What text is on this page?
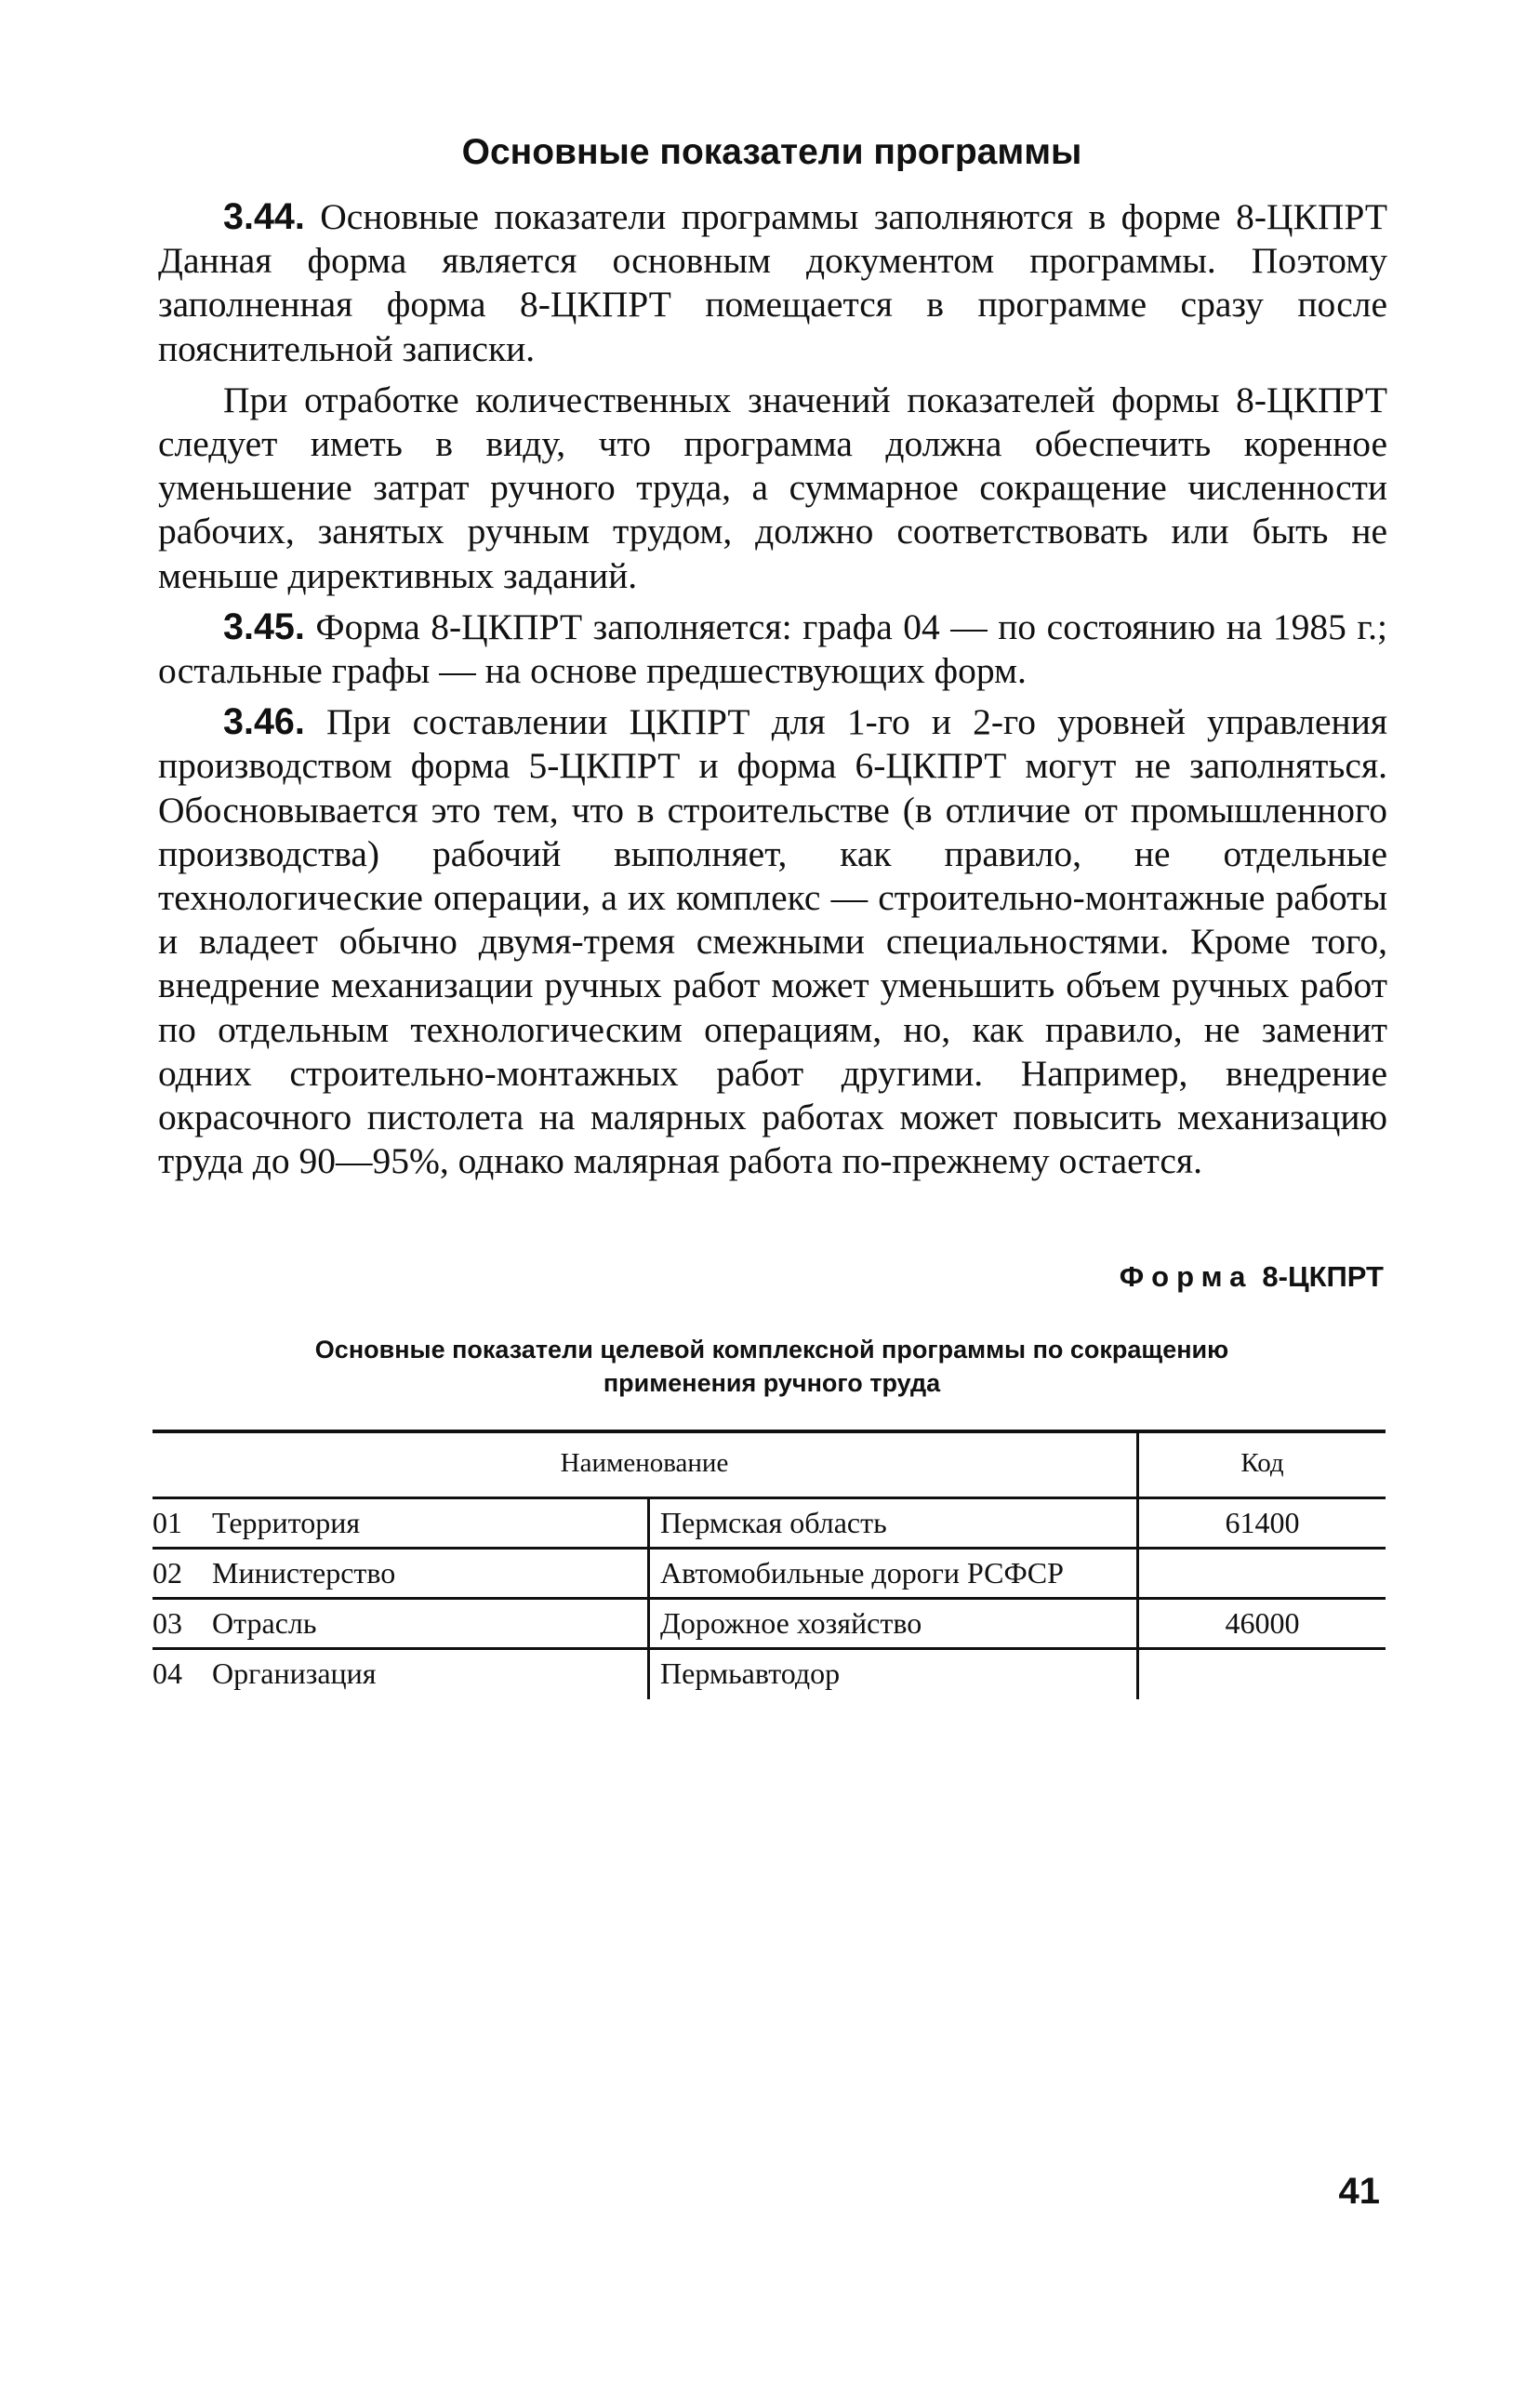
Основные показатели программы

3.44. Основные показатели программы заполняются в форме 8-ЦКПРТ Данная форма является основным документом программы. Поэтому заполненная форма 8-ЦКПРТ помещается в программе сразу после пояснительной записки.

При отработке количественных значений показателей формы 8-ЦКПРТ следует иметь в виду, что программа должна обеспечить коренное уменьшение затрат ручного труда, а суммарное сокращение численности рабочих, занятых ручным трудом, должно соответствовать или быть не меньше директивных заданий.

3.45. Форма 8-ЦКПРТ заполняется: графа 04 — по состоянию на 1985 г.; остальные графы — на основе предшествующих форм.

3.46. При составлении ЦКПРТ для 1-го и 2-го уровней управления производством форма 5-ЦКПРТ и форма 6-ЦКПРТ могут не заполняться. Обосновывается это тем, что в строительстве (в отличие от промышленного производства) рабочий выполняет, как правило, не отдельные технологические операции, а их комплекс — строительно-монтажные работы и владеет обычно двумя-тремя смежными специальностями. Кроме того, внедрение механизации ручных работ может уменьшить объем ручных работ по отдельным технологическим операциям, но, как правило, не заменит одних строительно-монтажных работ другими. Например, внедрение окрасочного пистолета на малярных работах может повысить механизацию труда до 90—95%, однако малярная работа по-прежнему остается.

Форма 8-ЦКПРТ
Основные показатели целевой комплексной программы по сокращению
применения ручного труда
Наименование	Код
01 Территория	Пермская область	61400
02 Министерство	Автомобильные дороги РСФСР
03 Отрасль	Дорожное хозяйство	46000
04 Организация	Пермьавтодор
41
